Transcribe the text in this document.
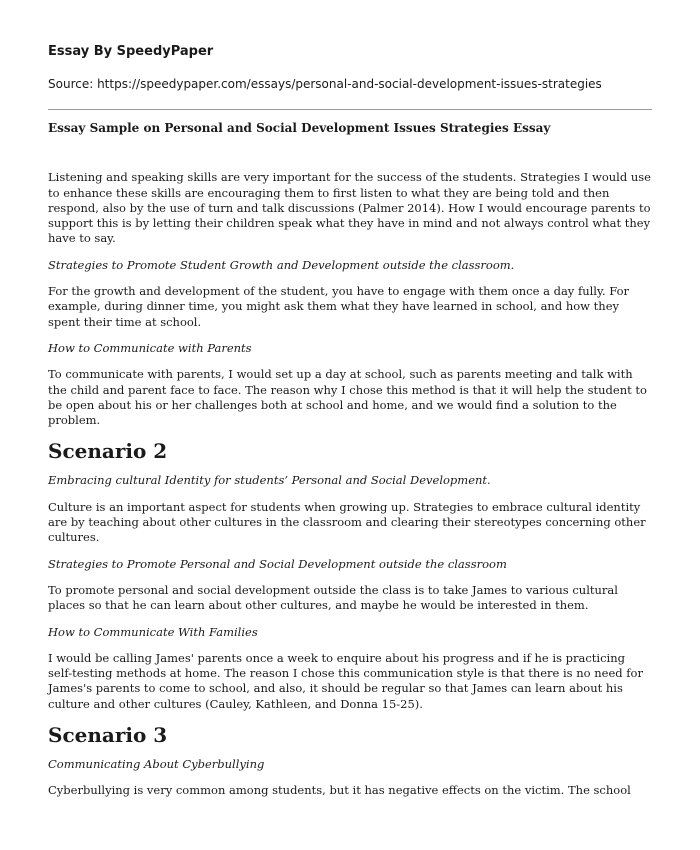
Essay By SpeedyPaper

Source: https://speedypaper.com/essays/personal-and-social-development-issues-strategies

Essay Sample on Personal and Social Development Issues Strategies Essay

Listening and speaking skills are very important for the success of the students. Strategies I would use to enhance these skills are encouraging them to first listen to what they are being told and then respond, also by the use of turn and talk discussions (Palmer 2014). How I would encourage parents to support this is by letting their children speak what they have in mind and not always control what they have to say.

Strategies to Promote Student Growth and Development outside the classroom.

For the growth and development of the student, you have to engage with them once a day fully. For example, during dinner time, you might ask them what they have learned in school, and how they spent their time at school.

How to Communicate with Parents

To communicate with parents, I would set up a day at school, such as parents meeting and talk with the child and parent face to face. The reason why I chose this method is that it will help the student to be open about his or her challenges both at school and home, and we would find a solution to the problem.

Scenario 2

Embracing cultural Identity for students’ Personal and Social Development.

Culture is an important aspect for students when growing up. Strategies to embrace cultural identity are by teaching about other cultures in the classroom and clearing their stereotypes concerning other cultures.

Strategies to Promote Personal and Social Development outside the classroom

To promote personal and social development outside the class is to take James to various cultural places so that he can learn about other cultures, and maybe he would be interested in them.

How to Communicate With Families

I would be calling James' parents once a week to enquire about his progress and if he is practicing self-testing methods at home. The reason I chose this communication style is that there is no need for James's parents to come to school, and also, it should be regular so that James can learn about his culture and other cultures (Cauley, Kathleen, and Donna 15-25).

Scenario 3

Communicating About Cyberbullying

Cyberbullying is very common among students, but it has negative effects on the victim. The school
